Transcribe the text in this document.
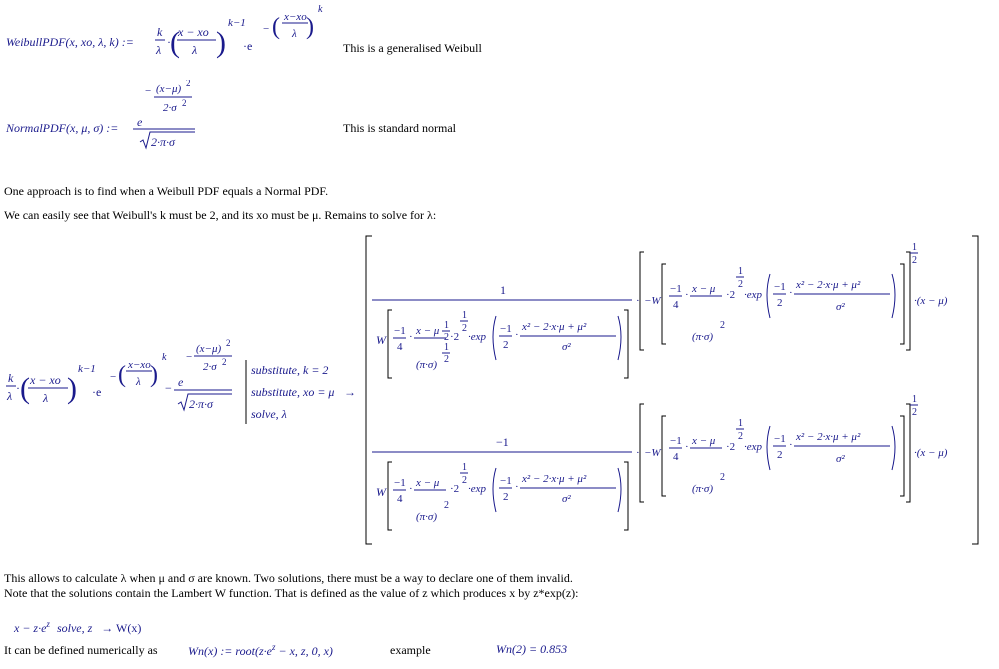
WeibullPDF(x, xo, λ, k) :=
k
λ
· (
x − xo
λ )
k−1
·e
− ( x−xo
λ )
k
This is a generalised Weibull
NormalPDF(x, μ, σ) :=
− (x−μ) 2
2·σ 2
e
2·π·σ
This is standard normal
One approach is to find when a Weibull PDF equals a Normal PDF.
We can easily see that Weibull's k must be 2, and its xo must be μ. Remains to solve for λ:
k
λ
· ( x − xo
λ )
k−1
·e
− ( x−xo
λ )
k
−
−
(x−μ) 2
2·σ 2
e
2·π·σ
substitute, k = 2
substitute, xo = μ
solve, λ
→
1
W
−1
4
· x − μ 1
2
(π·σ)
1
2
·2
1
2
·exp
−1
2
·
x² − 2·x·μ + μ²
σ²
· −W
−1
4
· x − μ
(π·σ)
2
·2
1
2
·exp
−1
2
·
x² − 2·x·μ + μ²
σ²
1
2
·(x − μ)
−1
W
−1
4
· x − μ
(π·σ)
2
·2
1
2
·exp
−1
2
·
x² − 2·x·μ + μ²
σ²
· −W
−1
4
· x − μ
(π·σ)
2
·2
1
2
·exp
−1
2
·
x² − 2·x·μ + μ²
σ²
1
2
·(x − μ)
This allows to calculate λ when μ and σ are known. Two solutions, there must be a way to declare one of them invalid.
Note that the solutions contain the Lambert W function. That is defined as the value of z which produces x by z*exp(z):
$x - z\cdot e^z$ solve, z → W(x)
It can be defined numerically as	Wn(x) := $root(z\cdot e^z - x$, z, 0, x)	example	Wn(2) = 0.853
